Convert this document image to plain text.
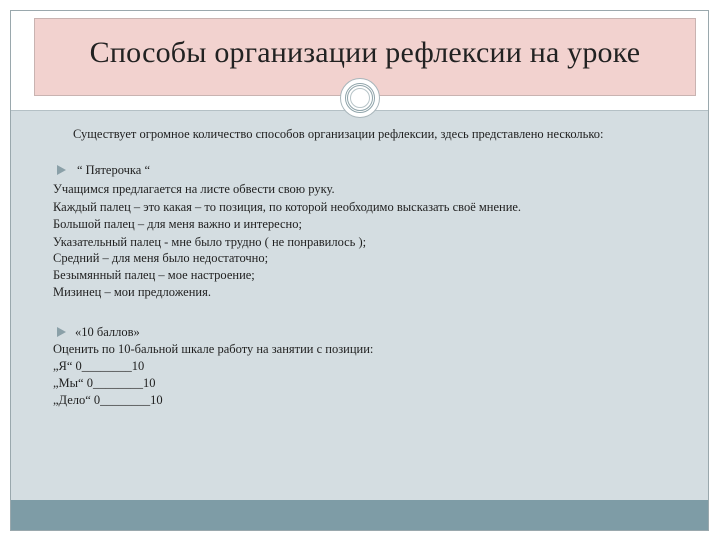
Способы организации рефлексии на уроке
Существует огромное количество способов организации рефлексии, здесь представлено несколько:
“ Пятерочка “
Учащимся предлагается на листе обвести свою руку.
Каждый палец – это какая – то позиция, по которой необходимо высказать своё мнение.
Большой палец – для меня важно и интересно;
Указательный палец - мне было трудно ( не понравилось );
Средний – для меня было недостаточно;
Безымянный палец – мое настроение;
Мизинец – мои предложения.
«10 баллов»
Оценить по 10-бальной шкале работу на занятии с позиции:
„Я“ 0________10
„Мы“ 0________10
„Дело“ 0________10
